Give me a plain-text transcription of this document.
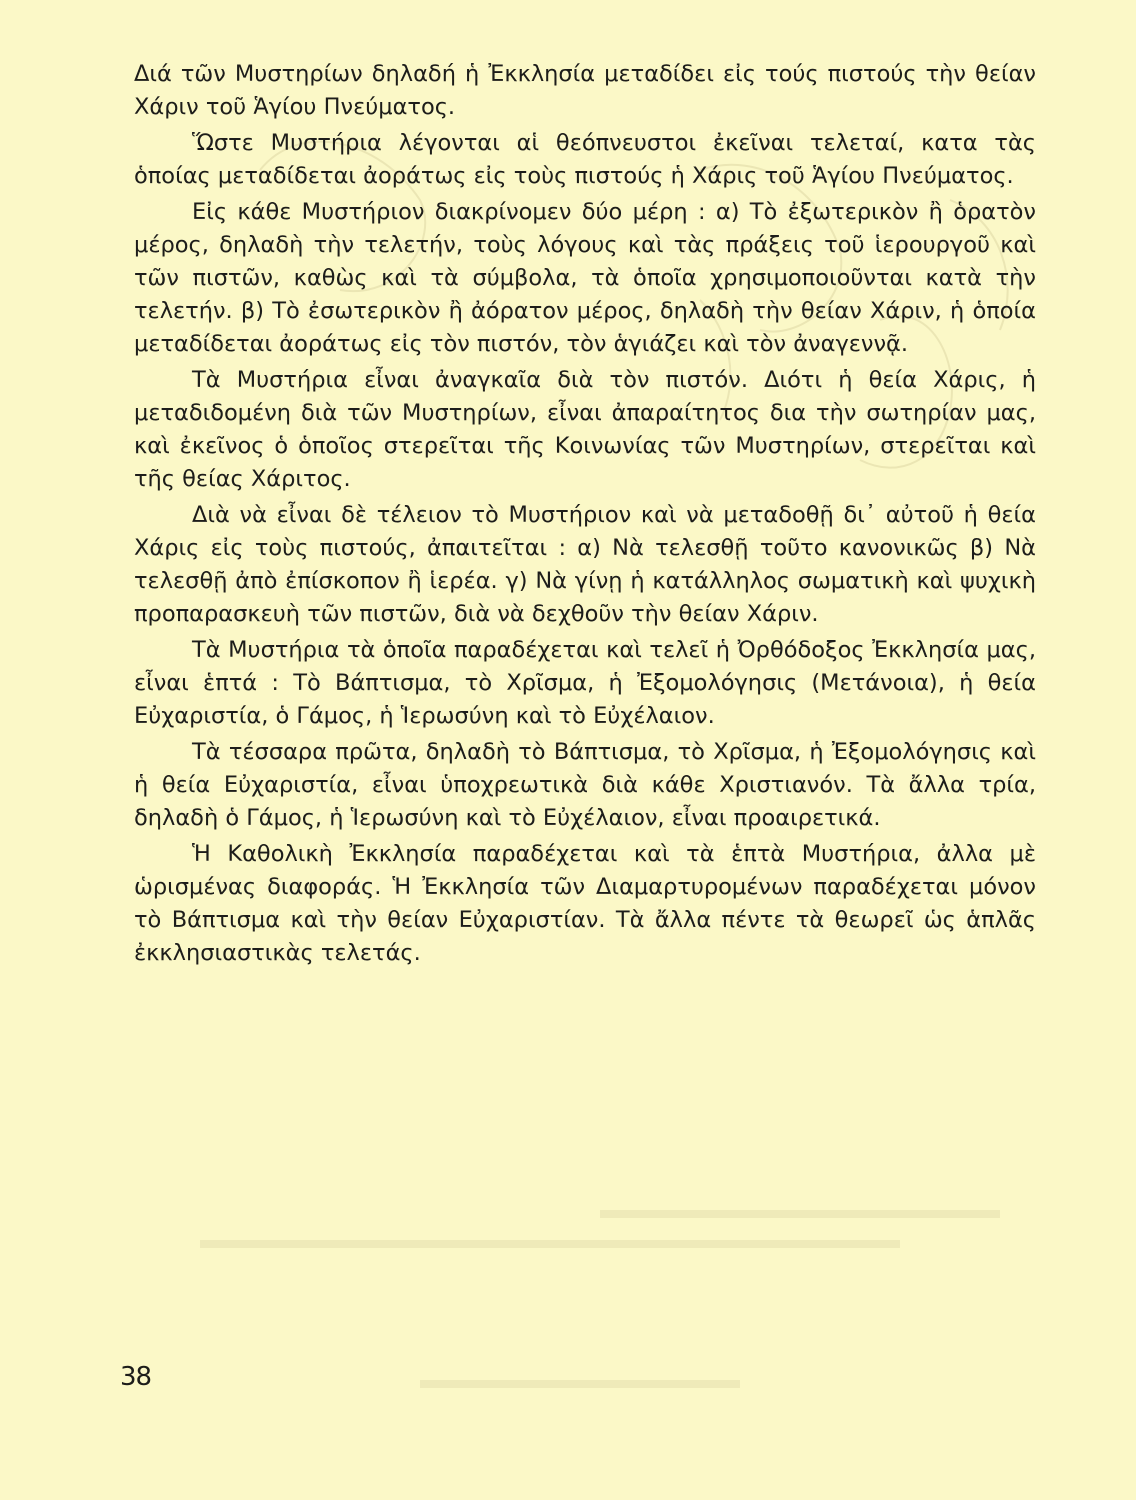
Διά τῶν Μυστηρίων δηλαδή ἡ Ἐκκλησία μεταδίδει εἰς τούς πιστούς τὴν θείαν Χάριν τοῦ Ἁγίου Πνεύματος.

Ὥστε Μυστήρια λέγονται αἱ θεόπνευστοι ἐκεῖναι τελεταί, κατα τὰς ὁποίας μεταδίδεται ἀοράτως εἰς τοὺς πιστούς ἡ Χάρις τοῦ Ἁγίου Πνεύματος.

Εἰς κάθε Μυστήριον διακρίνομεν δύο μέρη : α) Τὸ ἐξωτερικὸν ἢ ὁρατὸν μέρος, δηλαδὴ τὴν τελετήν, τοὺς λόγους καὶ τὰς πράξεις τοῦ ἱερουργοῦ καὶ τῶν πιστῶν, καθὼς καὶ τὰ σύμβολα, τὰ ὁποῖα χρησιμοποιοῦνται κατὰ τὴν τελετήν. β) Τὸ ἐσωτερικὸν ἢ ἀόρατον μέρος, δηλαδὴ τὴν θείαν Χάριν, ἡ ὁποία μεταδίδεται ἀοράτως εἰς τὸν πιστόν, τὸν ἁγιάζει καὶ τὸν ἀναγεννᾷ.

Τὰ Μυστήρια εἶναι ἀναγκαῖα διὰ τὸν πιστόν. Διότι ἡ θεία Χάρις, ἡ μεταδιδομένη διὰ τῶν Μυστηρίων, εἶναι ἀπαραίτητος δια τὴν σωτηρίαν μας, καὶ ἐκεῖνος ὁ ὁποῖος στερεῖται τῆς Κοινωνίας τῶν Μυστηρίων, στερεῖται καὶ τῆς θείας Χάριτος.

Διὰ νὰ εἶναι δὲ τέλειον τὸ Μυστήριον καὶ νὰ μεταδοθῇ δι᾽ αὐτοῦ ἡ θεία Χάρις εἰς τοὺς πιστούς, ἀπαιτεῖται : α) Νὰ τελεσθῇ τοῦτο κανονικῶς β) Νὰ τελεσθῇ ἀπὸ ἐπίσκοπον ἢ ἱερέα. γ) Νὰ γίνῃ ἡ κατάλληλος σωματικὴ καὶ ψυχικὴ προπαρασκευὴ τῶν πιστῶν, διὰ νὰ δεχθοῦν τὴν θείαν Χάριν.

Τὰ Μυστήρια τὰ ὁποῖα παραδέχεται καὶ τελεῖ ἡ Ὀρθόδοξος Ἐκκλησία μας, εἶναι ἑπτά : Τὸ Βάπτισμα, τὸ Χρῖσμα, ἡ Ἐξομολόγησις (Μετάνοια), ἡ θεία Εὐχαριστία, ὁ Γάμος, ἡ Ἱερωσύνη καὶ τὸ Εὐχέλαιον.

Τὰ τέσσαρα πρῶτα, δηλαδὴ τὸ Βάπτισμα, τὸ Χρῖσμα, ἡ Ἐξομολόγησις καὶ ἡ θεία Εὐχαριστία, εἶναι ὑποχρεωτικὰ διὰ κάθε Χριστιανόν. Τὰ ἄλλα τρία, δηλαδὴ ὁ Γάμος, ἡ Ἱερωσύνη καὶ τὸ Εὐχέλαιον, εἶναι προαιρετικά.

Ἡ Καθολικὴ Ἐκκλησία παραδέχεται καὶ τὰ ἑπτὰ Μυστήρια, ἀλλα μὲ ὡρισμένας διαφοράς. Ἡ Ἐκκλησία τῶν Διαμαρτυρομένων παραδέχεται μόνον τὸ Βάπτισμα καὶ τὴν θείαν Εὐχαριστίαν. Τὰ ἄλλα πέντε τὰ θεωρεῖ ὡς ἁπλᾶς ἐκκλησιαστικὰς τελετάς.

38
